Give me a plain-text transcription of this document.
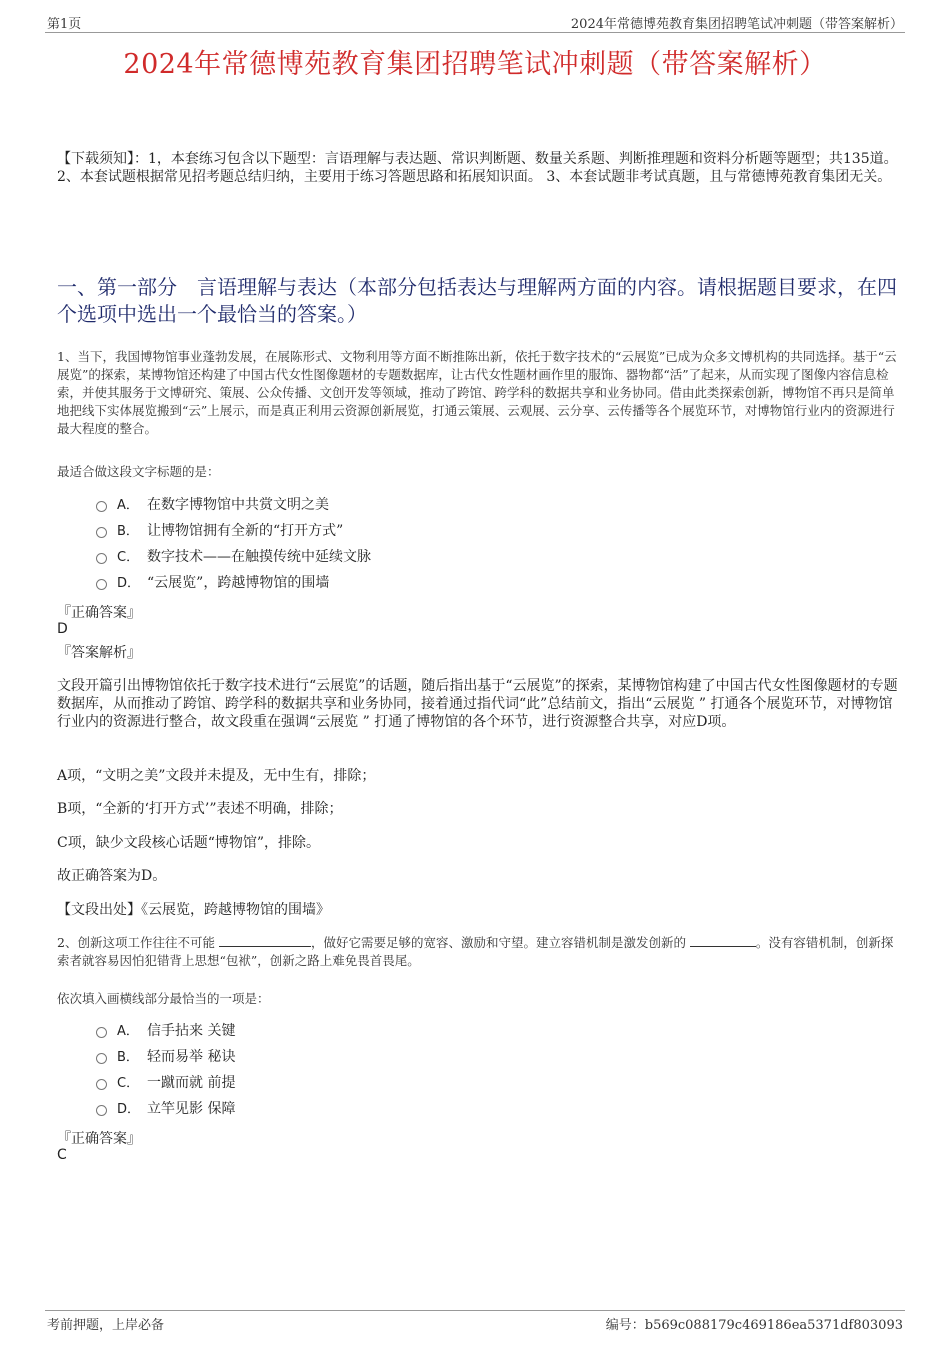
第1页	2024年常德博苑教育集团招聘笔试冲刺题（带答案解析）
2024年常德博苑教育集团招聘笔试冲刺题（带答案解析）
【下载须知】：1，本套练习包含以下题型：言语理解与表达题、常识判断题、数量关系题、判断推理题和资料分析题等题型；共135道。 2、本套试题根据常见招考题总结归纳，主要用于练习答题思路和拓展知识面。 3、本套试题非考试真题，且与常德博苑教育集团无关。
一、第一部分　言语理解与表达（本部分包括表达与理解两方面的内容。请根据题目要求，在四个选项中选出一个最恰当的答案。）
1、当下，我国博物馆事业蓬勃发展，在展陈形式、文物利用等方面不断推陈出新，依托于数字技术的“云展览”已成为众多文博机构的共同选择。基于“云展览”的探索，某博物馆还构建了中国古代女性图像题材的专题数据库，让古代女性题材画作里的服饰、器物都“活”了起来，从而实现了图像内容信息检索，并使其服务于文博研究、策展、公众传播、文创开发等领域，推动了跨馆、跨学科的数据共享和业务协同。借由此类探索创新，博物馆不再只是简单地把线下实体展览搬到“云”上展示，而是真正利用云资源创新展览，打通云策展、云观展、云分享、云传播等各个展览环节，对博物馆行业内的资源进行最大程度的整合。
最适合做这段文字标题的是：
A． 在数字博物馆中共赏文明之美
B． 让博物馆拥有全新的“打开方式”
C． 数字技术——在触摸传统中延续文脉
D． “云展览”，跨越博物馆的围墙
『正确答案』
D
『答案解析』
文段开篇引出博物馆依托于数字技术进行“云展览”的话题，随后指出基于“云展览”的探索，某博物馆构建了中国古代女性图像题材的专题数据库，从而推动了跨馆、跨学科的数据共享和业务协同，接着通过指代词“此”总结前文，指出“云展览 ” 打通各个展览环节，对博物馆行业内的资源进行整合，故文段重在强调“云展览 ” 打通了博物馆的各个环节，进行资源整合共享，对应D项。
A项，“文明之美”文段并未提及，无中生有，排除；
B项，“全新的‘打开方式’”表述不明确，排除；
C项，缺少文段核心话题“博物馆”，排除。
故正确答案为D。
【文段出处】《云展览，跨越博物馆的围墙》
2、创新这项工作往往不可能	，做好它需要足够的宽容、激励和守望。建立容错机制是激发创新的	。没有容错机制，创新探索者就容易因怕犯错背上思想“包袱”，创新之路上难免畏首畏尾。
依次填入画横线部分最恰当的一项是：
A． 信手拈来 关键
B． 轻而易举 秘诀
C． 一蹴而就 前提
D． 立竿见影 保障
『正确答案』
C
考前押题，上岸必备	编号：b569c088179c469186ea5371df803093
